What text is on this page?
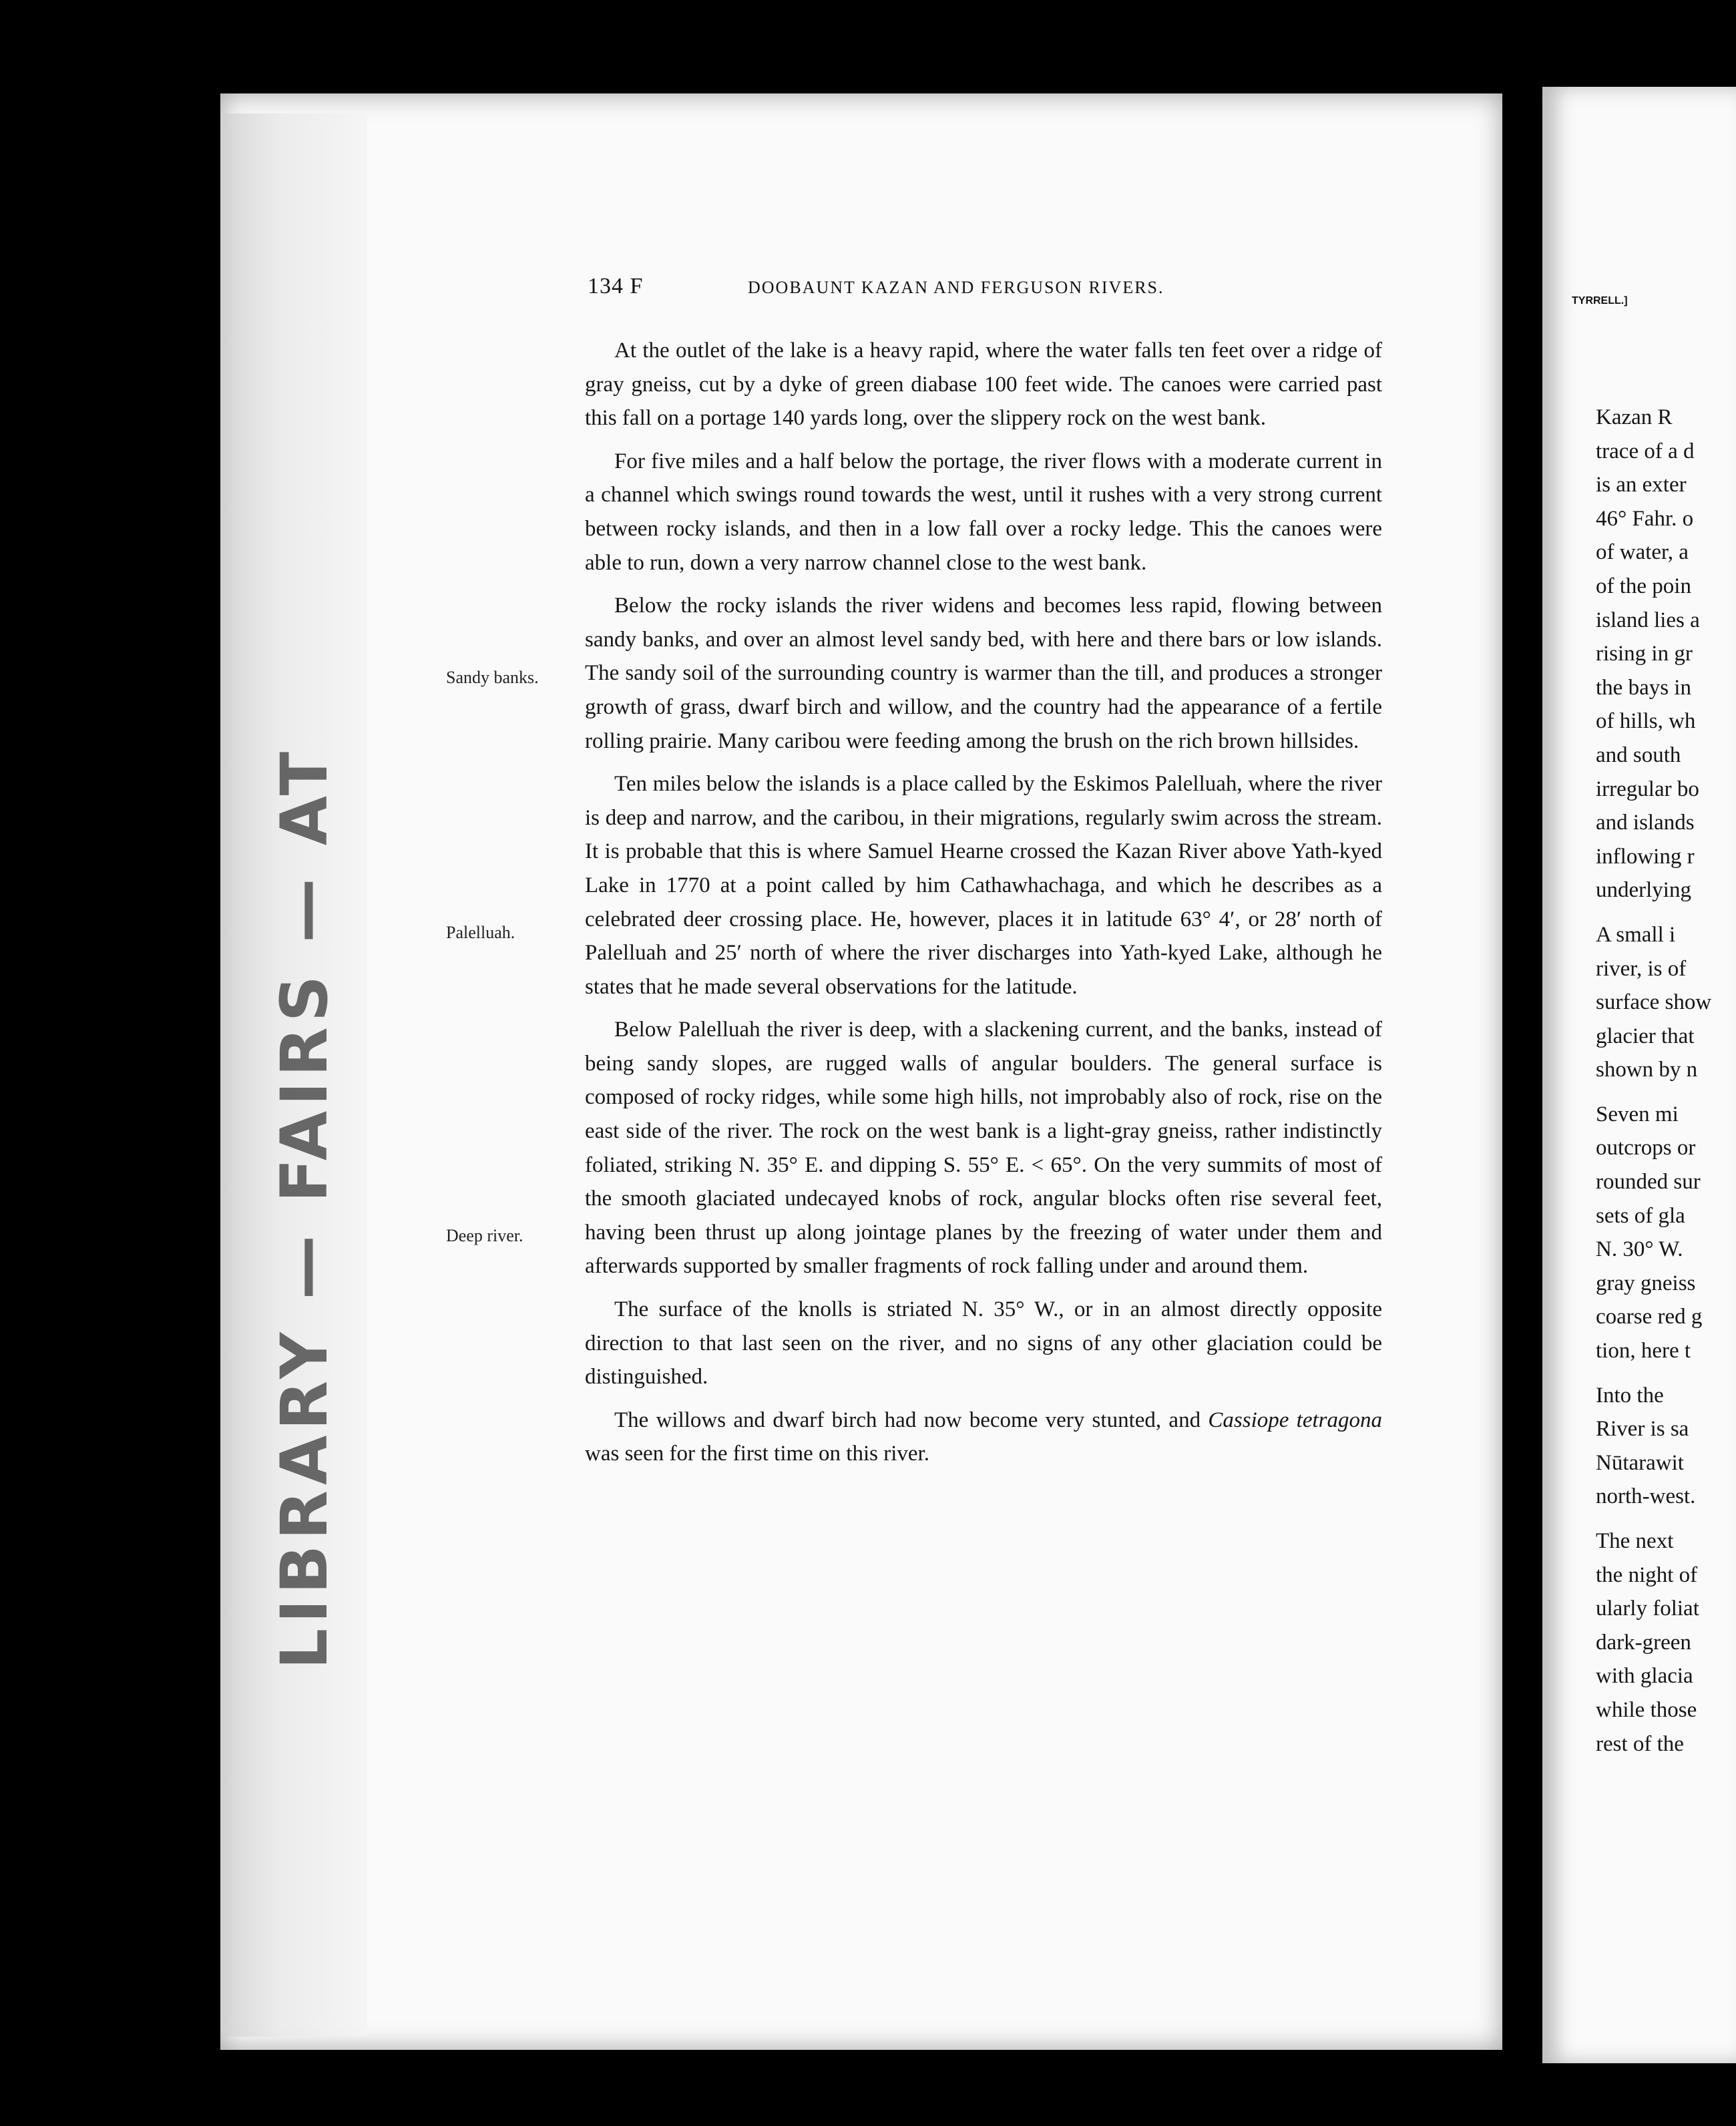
LIBRARY — FAIRS — AT
134 F	DOOBAUNT KAZAN AND FERGUSON RIVERS.
Sandy banks.
Palelluah.
Deep river.

At the outlet of the lake is a heavy rapid, where the water falls ten feet over a ridge of gray gneiss, cut by a dyke of green diabase 100 feet wide. The canoes were carried past this fall on a portage 140 yards long, over the slippery rock on the west bank.

For five miles and a half below the portage, the river flows with a moderate current in a channel which swings round towards the west, until it rushes with a very strong current between rocky islands, and then in a low fall over a rocky ledge. This the canoes were able to run, down a very narrow channel close to the west bank.

Below the rocky islands the river widens and becomes less rapid, flowing between sandy banks, and over an almost level sandy bed, with here and there bars or low islands. The sandy soil of the surrounding country is warmer than the till, and produces a stronger growth of grass, dwarf birch and willow, and the country had the appearance of a fertile rolling prairie. Many caribou were feeding among the brush on the rich brown hillsides.

Ten miles below the islands is a place called by the Eskimos Palelluah, where the river is deep and narrow, and the caribou, in their migrations, regularly swim across the stream. It is probable that this is where Samuel Hearne crossed the Kazan River above Yath-kyed Lake in 1770 at a point called by him Cathawhachaga, and which he describes as a celebrated deer crossing place. He, however, places it in latitude 63° 4′, or 28′ north of Palelluah and 25′ north of where the river discharges into Yath-kyed Lake, although he states that he made several observations for the latitude.

Below Palelluah the river is deep, with a slackening current, and the banks, instead of being sandy slopes, are rugged walls of angular boulders. The general surface is composed of rocky ridges, while some high hills, not improbably also of rock, rise on the east side of the river. The rock on the west bank is a light-gray gneiss, rather indistinctly foliated, striking N. 35° E. and dipping S. 55° E. < 65°. On the very summits of most of the smooth glaciated undecayed knobs of rock, angular blocks often rise several feet, having been thrust up along jointage planes by the freezing of water under them and afterwards supported by smaller fragments of rock falling under and around them.

The surface of the knolls is striated N. 35° W., or in an almost directly opposite direction to that last seen on the river, and no signs of any other glaciation could be distinguished.

The willows and dwarf birch had now become very stunted, and Cassiope tetragona was seen for the first time on this river.

TYRRELL.]
Kazan R
trace of a d
is an exter
46° Fahr. o
of water, a
of the poin
island lies a
rising in gr
the bays in
of hills, wh
and south
irregular bo
and islands
inflowing r
underlying
A small i
river, is of
surface show
glacier that
shown by n
Seven mi
outcrops or
rounded sur
sets of gla
N. 30° W.
gray gneiss
coarse red g
tion, here t
Into the
River is sa
Nūtarawit
north-west.
The next
the night of
ularly foliat
dark-green
with glacia
while those
rest of the
